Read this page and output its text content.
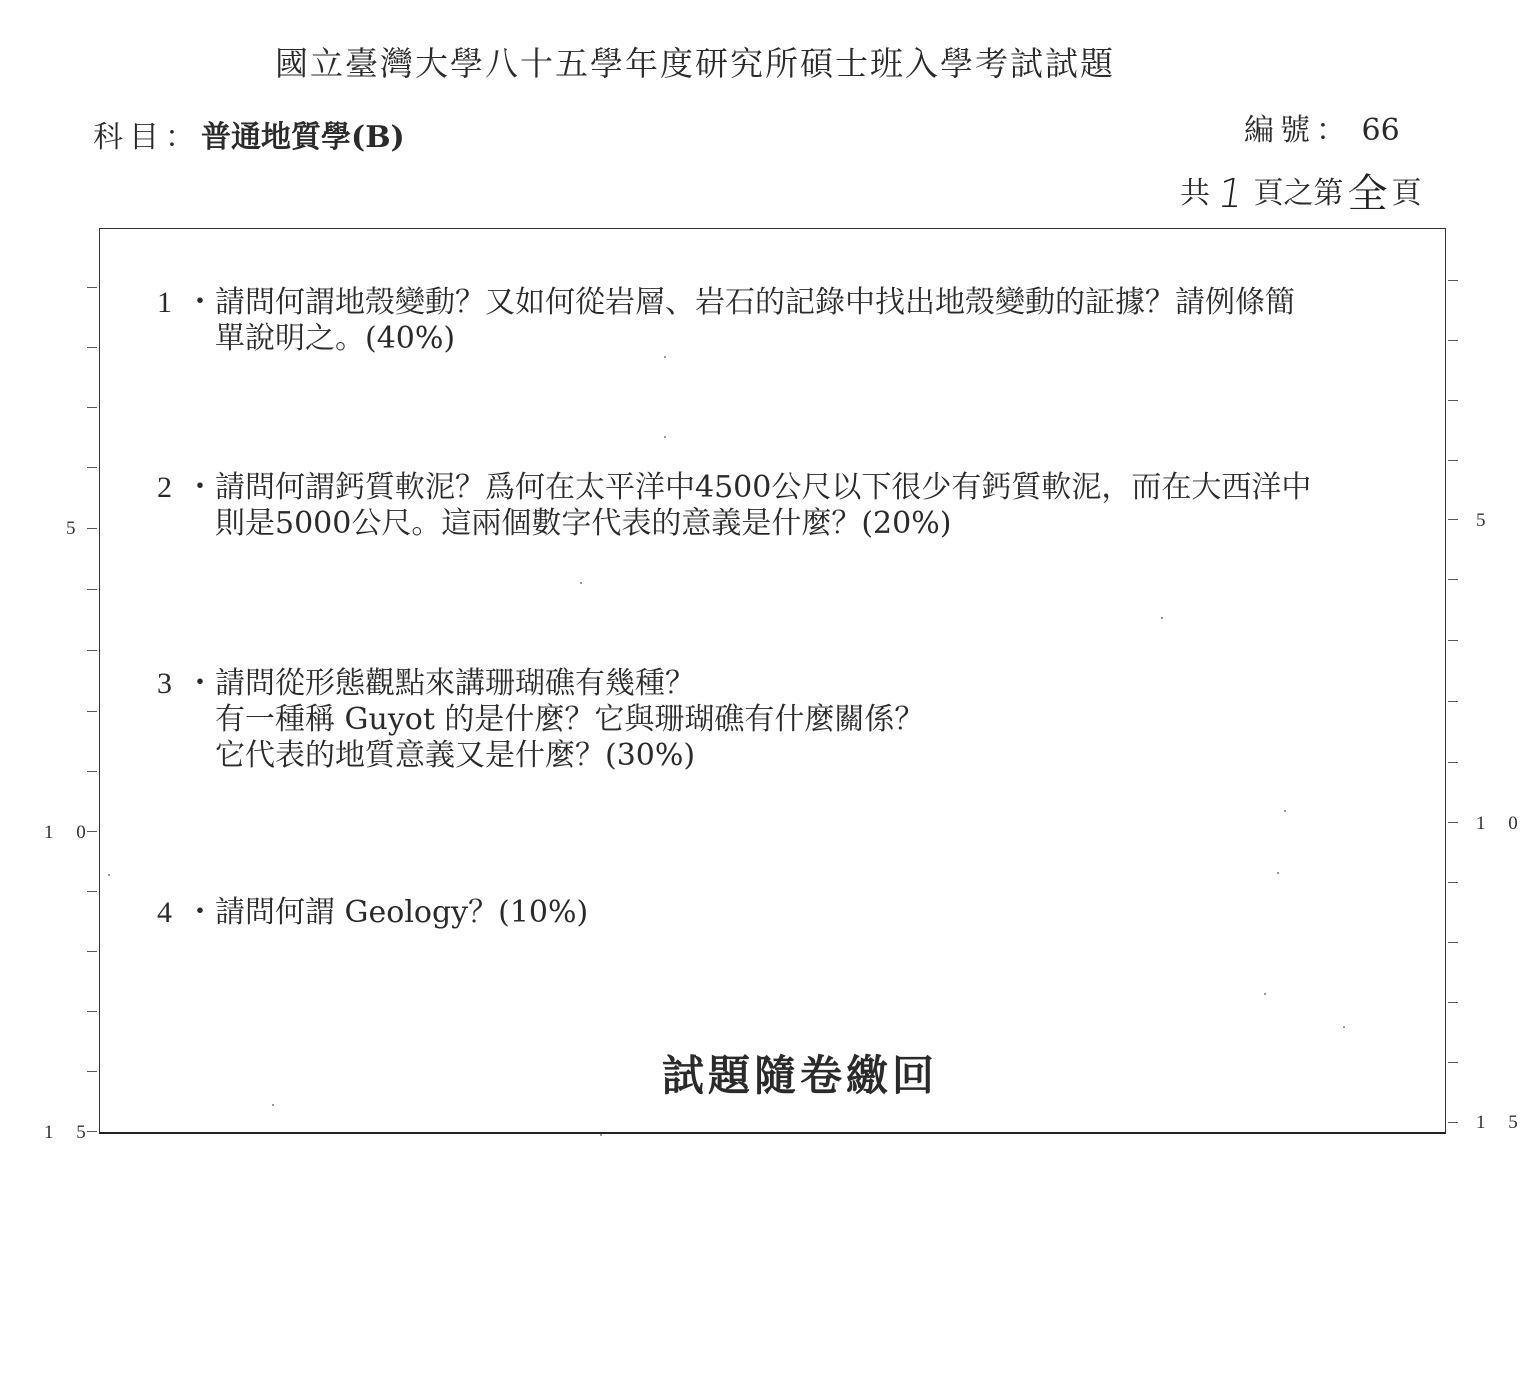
國立臺灣大學八十五學年度研究所碩士班入學考試試題
科目：普通地質學(B)	編號： 66
共 1 頁之第 全 頁
1 ・請問何謂地殼變動？又如何從岩層、岩石的記錄中找出地殼變動的証據？請例條簡
單說明之。(40%)
2 ・請問何謂鈣質軟泥？爲何在太平洋中4500公尺以下很少有鈣質軟泥，而在大西洋中
則是5000公尺。這兩個數字代表的意義是什麼？(20%)
3 ・請問從形態觀點來講珊瑚礁有幾種？
有一種稱 Guyot 的是什麼？它與珊瑚礁有什麼關係？
它代表的地質意義又是什麼？(30%)
4 ・請問何謂 Geology？(10%)
試題隨卷繳回
5
1 0
1 5
5
1 0
1 5
